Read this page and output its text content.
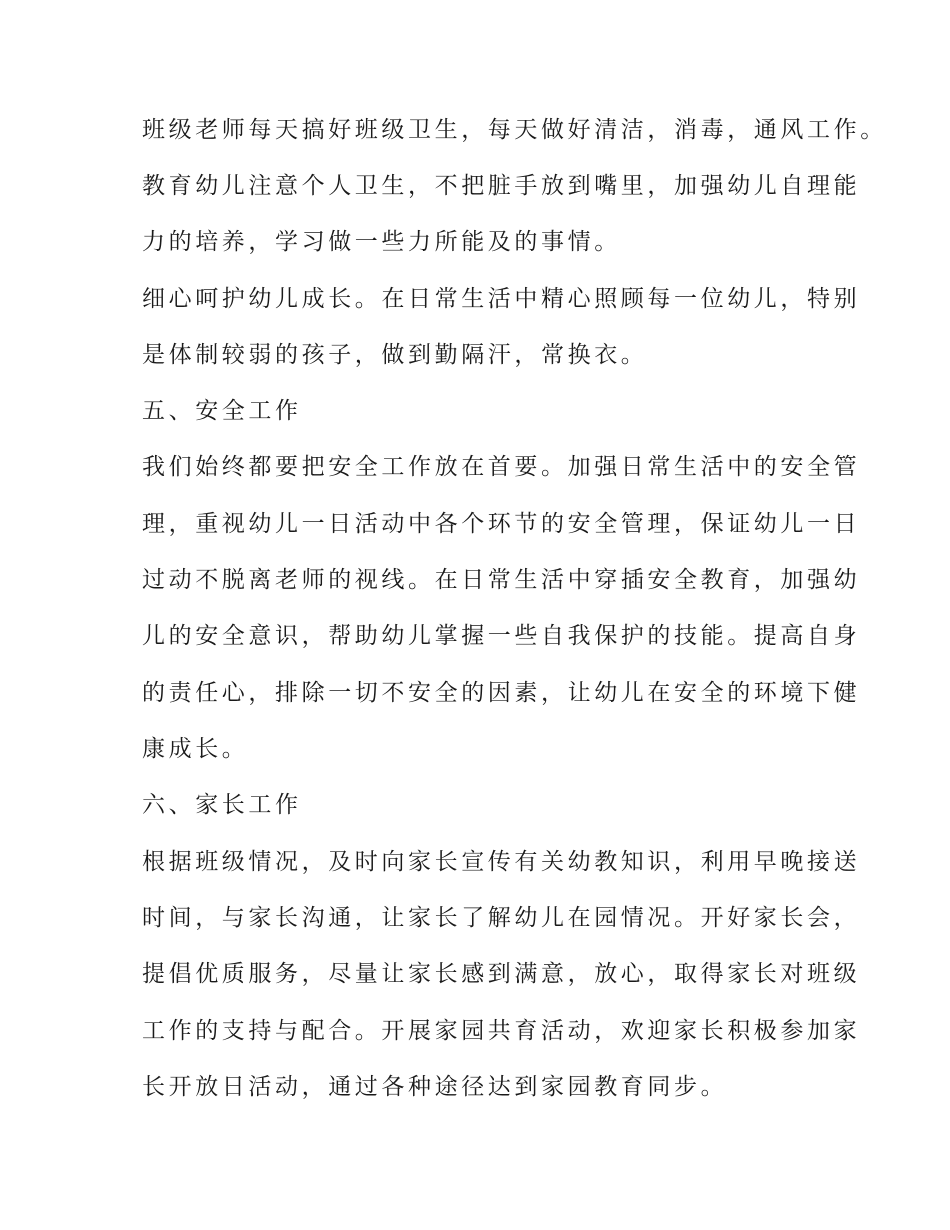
班级老师每天搞好班级卫生，每天做好清洁，消毒，通风工作。
教育幼儿注意个人卫生，不把脏手放到嘴里，加强幼儿自理能
力的培养，学习做一些力所能及的事情。
细心呵护幼儿成长。在日常生活中精心照顾每一位幼儿，特别
是体制较弱的孩子，做到勤隔汗，常换衣。
五、安全工作
我们始终都要把安全工作放在首要。加强日常生活中的安全管
理，重视幼儿一日活动中各个环节的安全管理，保证幼儿一日
过动不脱离老师的视线。在日常生活中穿插安全教育，加强幼
儿的安全意识，帮助幼儿掌握一些自我保护的技能。提高自身
的责任心，排除一切不安全的因素，让幼儿在安全的环境下健
康成长。
六、家长工作
根据班级情况，及时向家长宣传有关幼教知识，利用早晚接送
时间，与家长沟通，让家长了解幼儿在园情况。开好家长会，
提倡优质服务，尽量让家长感到满意，放心，取得家长对班级
工作的支持与配合。开展家园共育活动，欢迎家长积极参加家
长开放日活动，通过各种途径达到家园教育同步。
